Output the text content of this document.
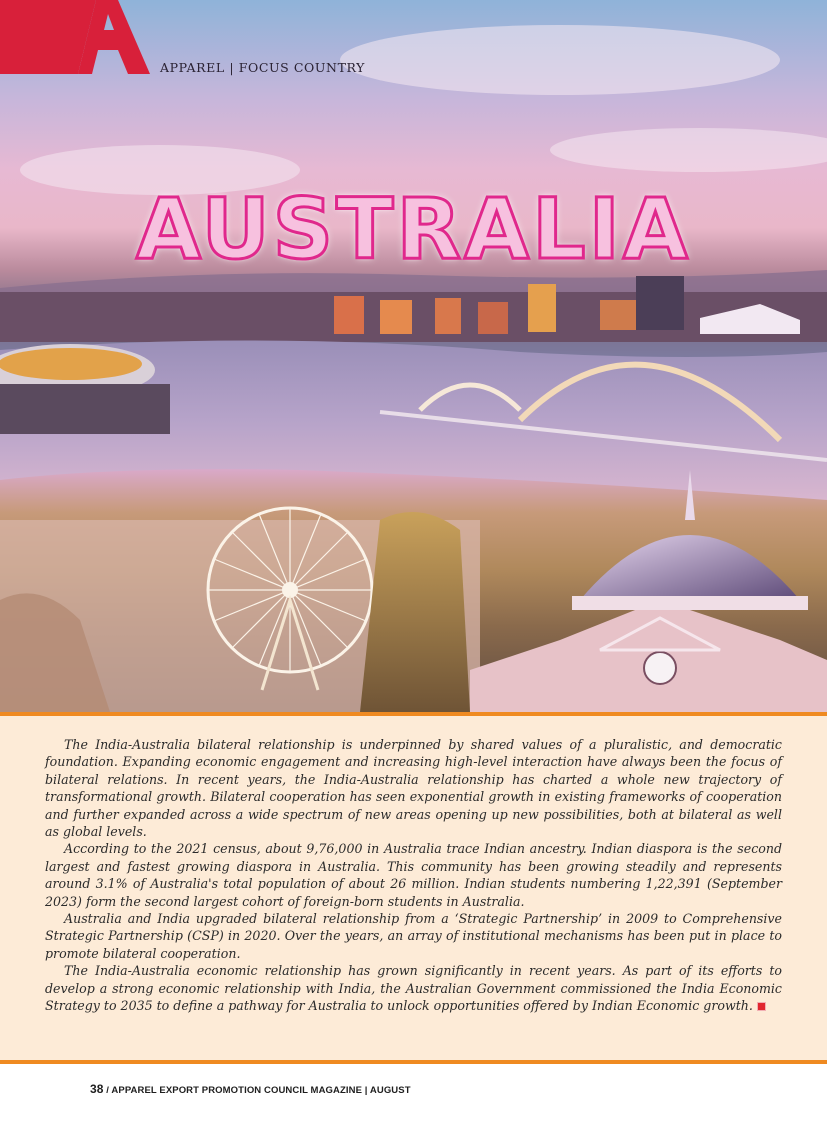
APPAREL | FOCUS COUNTRY
AUSTRALIA

The India-Australia bilateral relationship is underpinned by shared values of a pluralistic, and democratic foundation. Expanding economic engagement and increasing high-level interaction have always been the focus of bilateral relations. In recent years, the India-Australia relationship has charted a whole new trajectory of transformational growth. Bilateral cooperation has seen exponential growth in existing frameworks of cooperation and further expanded across a wide spectrum of new areas opening up new possibilities, both at bilateral as well as global levels.

According to the 2021 census, about 9,76,000 in Australia trace Indian ancestry. Indian diaspora is the second largest and fastest growing diaspora in Australia. This community has been growing steadily and represents around 3.1% of Australia's total population of about 26 million. Indian students numbering 1,22,391 (September 2023) form the second largest cohort of foreign-born students in Australia.

Australia and India upgraded bilateral relationship from a ‘Strategic Partnership’ in 2009 to Comprehensive Strategic Partnership (CSP) in 2020. Over the years, an array of institutional mechanisms has been put in place to promote bilateral cooperation.

The India-Australia economic relationship has grown significantly in recent years. As part of its efforts to develop a strong economic relationship with India, the Australian Government commissioned the India Economic Strategy to 2035 to define a pathway for Australia to unlock opportunities offered by Indian Economic growth.

38 / APPAREL EXPORT PROMOTION COUNCIL MAGAZINE | AUGUST
